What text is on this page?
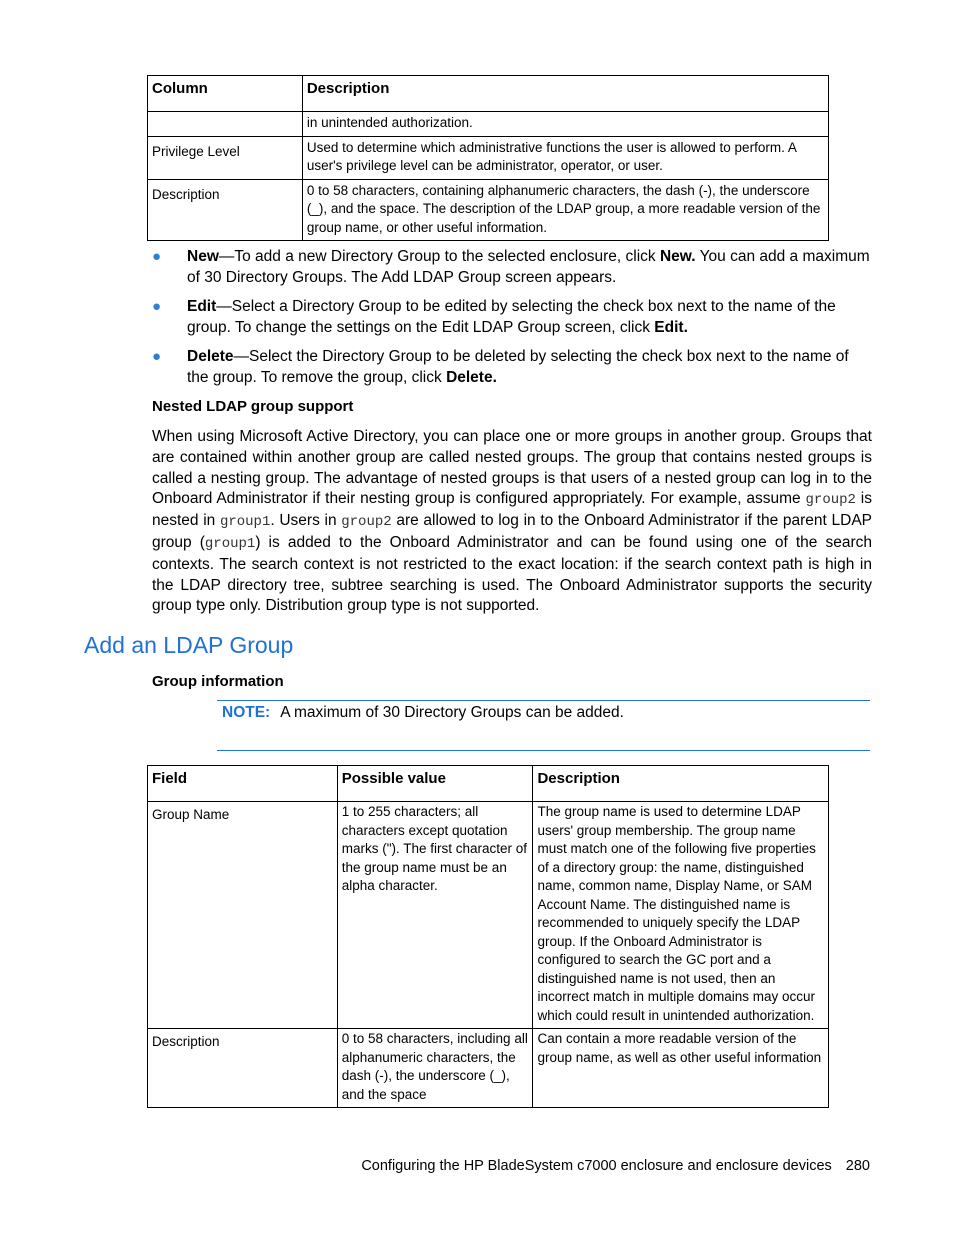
Column	Description
	in unintended authorization.
Privilege Level	Used to determine which administrative functions the user is allowed to perform. A user's privilege level can be administrator, operator, or user.
Description	0 to 58 characters, containing alphanumeric characters, the dash (-), the underscore (_), and the space. The description of the LDAP group, a more readable version of the group name, or other useful information.
● New—To add a new Directory Group to the selected enclosure, click New. You can add a maximum of 30 Directory Groups. The Add LDAP Group screen appears.
● Edit—Select a Directory Group to be edited by selecting the check box next to the name of the group. To change the settings on the Edit LDAP Group screen, click Edit.
● Delete—Select the Directory Group to be deleted by selecting the check box next to the name of the group. To remove the group, click Delete.
Nested LDAP group support

When using Microsoft Active Directory, you can place one or more groups in another group. Groups that are contained within another group are called nested groups. The group that contains nested groups is called a nesting group. The advantage of nested groups is that users of a nested group can log in to the Onboard Administrator if their nesting group is configured appropriately. For example, assume group2 is nested in group1. Users in group2 are allowed to log in to the Onboard Administrator if the parent LDAP group (group1) is added to the Onboard Administrator and can be found using one of the search contexts. The search context is not restricted to the exact location: if the search context path is high in the LDAP directory tree, subtree searching is used. The Onboard Administrator supports the security group type only. Distribution group type is not supported.

Add an LDAP Group
Group information
NOTE: A maximum of 30 Directory Groups can be added.
Field	Possible value	Description
Group Name	1 to 255 characters; all characters except quotation marks ("). The first character of the group name must be an alpha character.	The group name is used to determine LDAP users' group membership. The group name must match one of the following five properties of a directory group: the name, distinguished name, common name, Display Name, or SAM Account Name. The distinguished name is recommended to uniquely specify the LDAP group. If the Onboard Administrator is configured to search the GC port and a distinguished name is not used, then an incorrect match in multiple domains may occur which could result in unintended authorization.
Description	0 to 58 characters, including all alphanumeric characters, the dash (-), the underscore (_), and the space	Can contain a more readable version of the group name, as well as other useful information
Configuring the HP BladeSystem c7000 enclosure and enclosure devices 280
